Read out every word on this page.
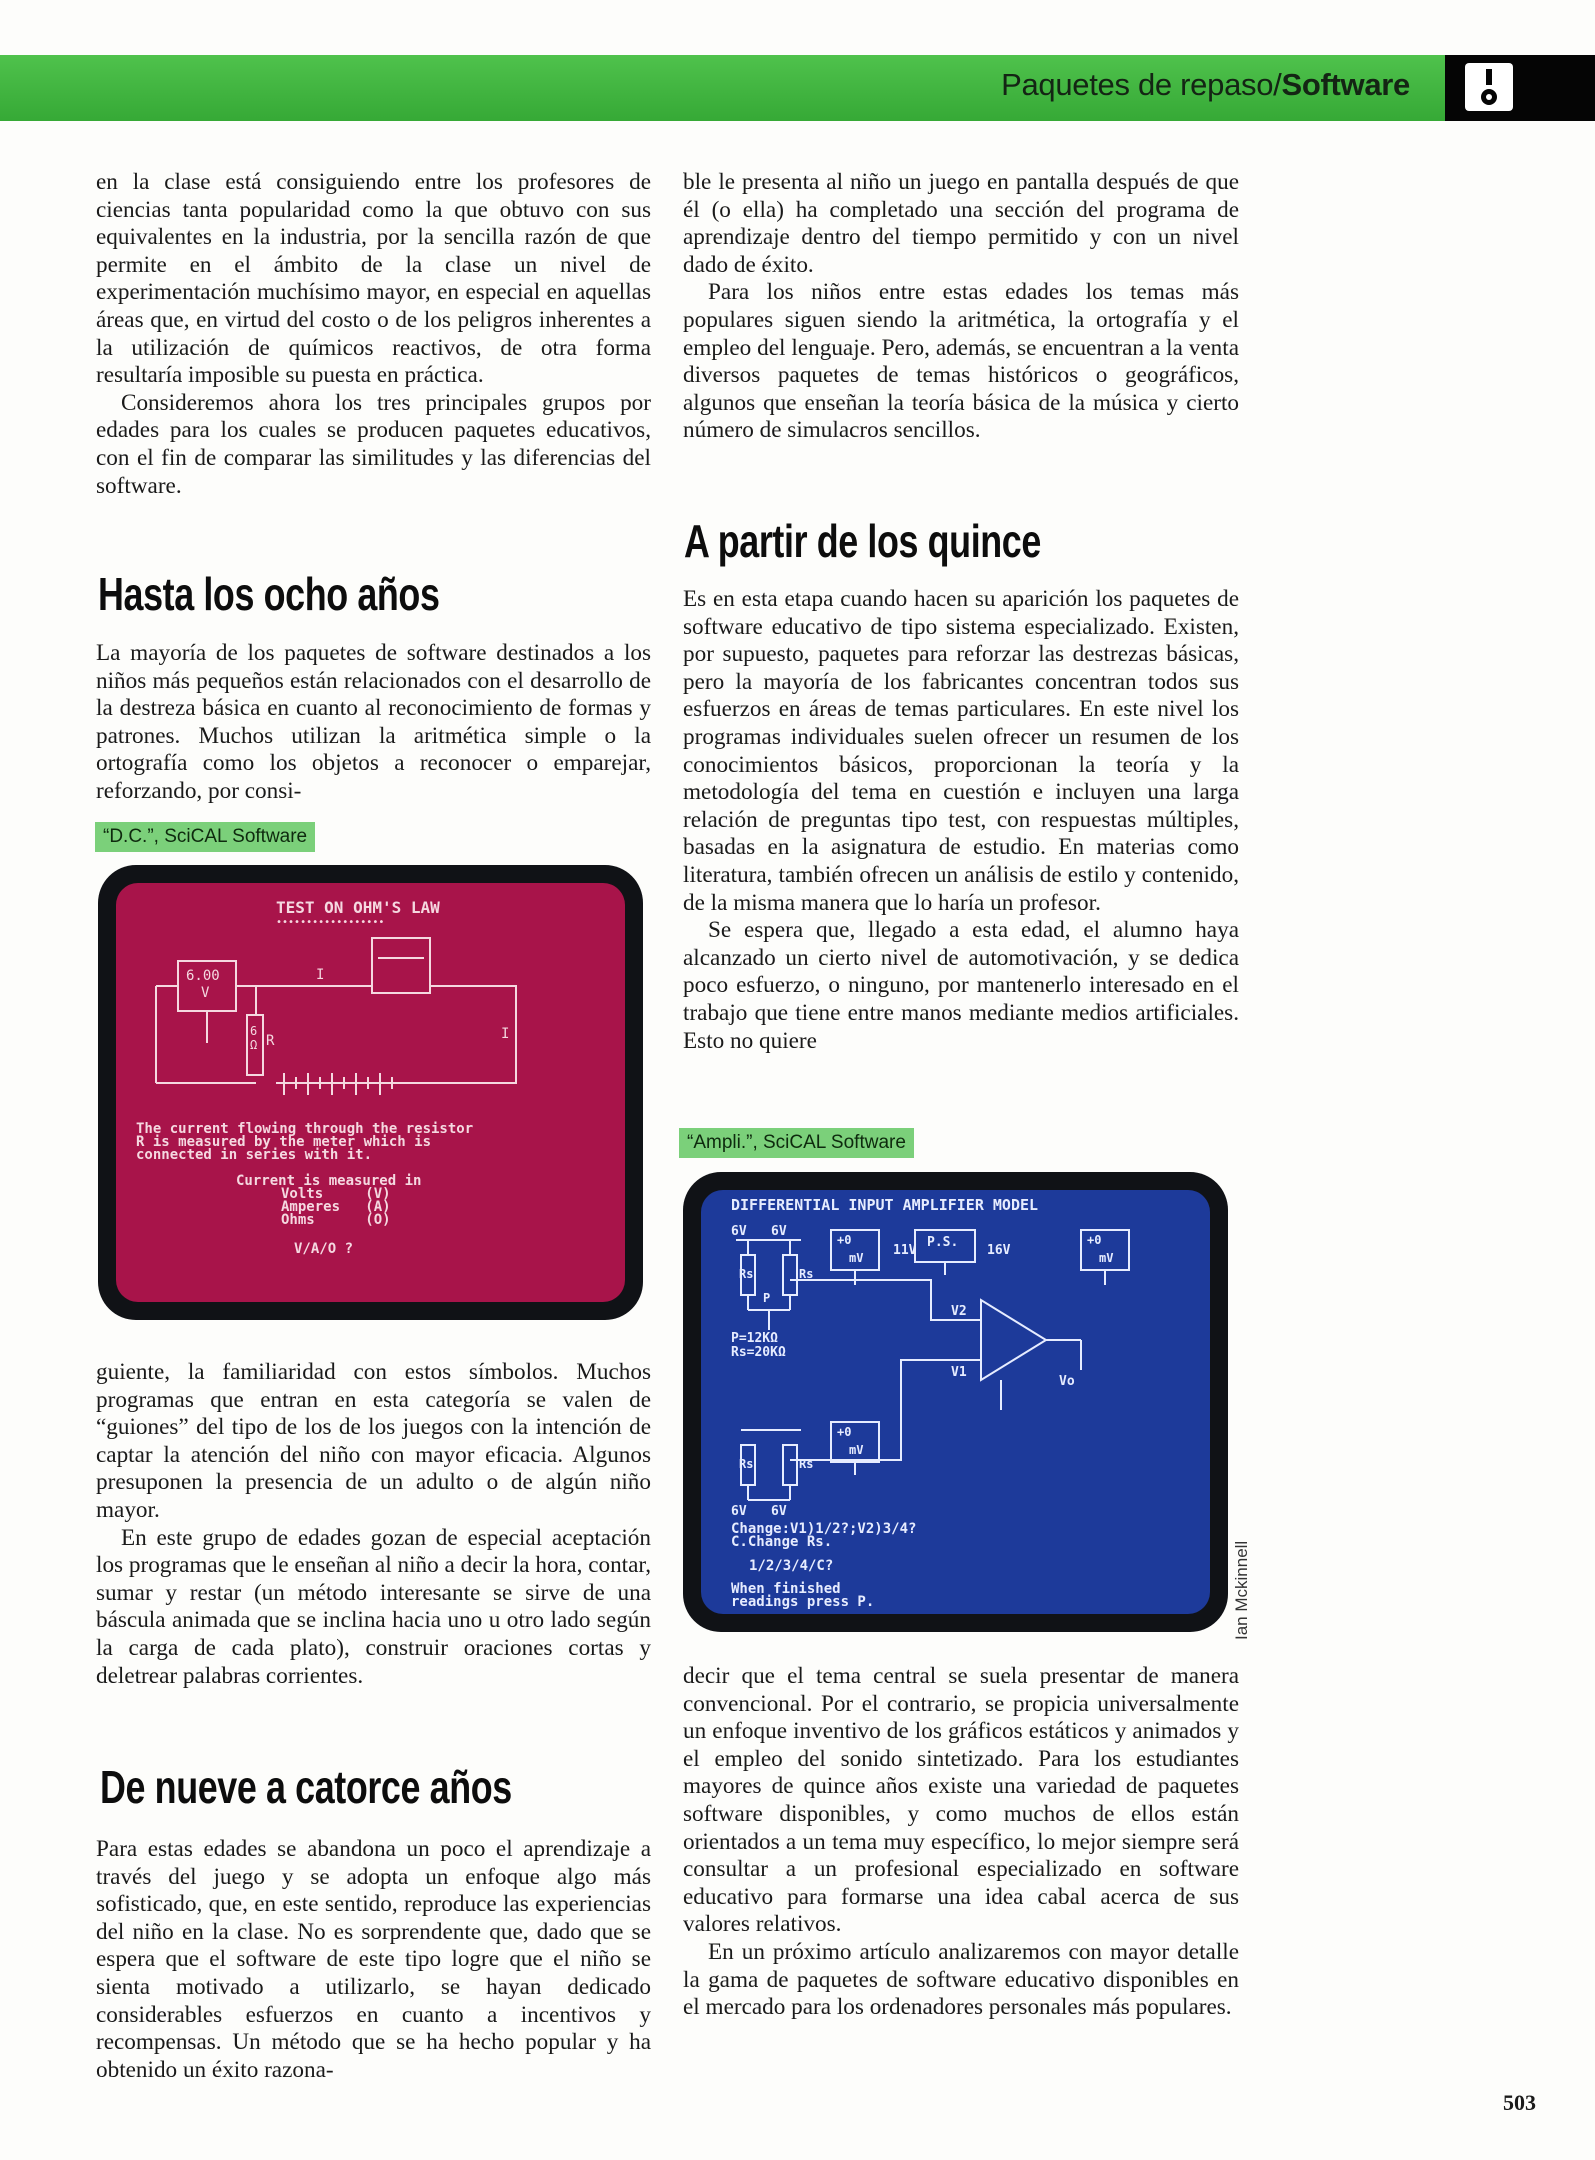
Paquetes de repaso/Software

en la clase está consiguiendo entre los profesores de ciencias tanta popularidad como la que obtuvo con sus equivalentes en la industria, por la sencilla razón de que permite en el ámbito de la clase un nivel de experimentación muchísimo mayor, en especial en aquellas áreas que, en virtud del costo o de los peligros inherentes a la utilización de químicos reactivos, de otra forma resultaría imposible su puesta en práctica.

Consideremos ahora los tres principales grupos por edades para los cuales se producen paquetes educativos, con el fin de comparar las similitudes y las diferencias del software.

Hasta los ocho años

La mayoría de los paquetes de software destinados a los niños más pequeños están relacionados con el desarrollo de la destreza básica en cuanto al reconocimiento de formas y patrones. Muchos utilizan la aritmética simple o la ortografía como los objetos a reconocer o emparejar, reforzando, por consi-

“D.C.”, SciCAL Software
TEST ON OHM'S LAW
••••••••••••••••••
6.00
V
I
I
R
6
Ω
The current flowing through the resistor
R is measured by the meter which is
connected in series with it.
Current is measured in
Volts     (V)
Amperes   (A)
Ohms      (O)
V/A/O ?

guiente, la familiaridad con estos símbolos. Muchos programas que entran en esta categoría se valen de “guiones” del tipo de los de los juegos con la intención de captar la atención del niño con mayor eficacia. Algunos presuponen la presencia de un adulto o de algún niño mayor.

En este grupo de edades gozan de especial aceptación los programas que le enseñan al niño a decir la hora, contar, sumar y restar (un método interesante se sirve de una báscula animada que se inclina hacia uno u otro lado según la carga de cada plato), construir oraciones cortas y deletrear palabras corrientes.

De nueve a catorce años

Para estas edades se abandona un poco el aprendizaje a través del juego y se adopta un enfoque algo más sofisticado, que, en este sentido, reproduce las experiencias del niño en la clase. No es sorprendente que, dado que se espera que el software de este tipo logre que el niño se sienta motivado a utilizarlo, se hayan dedicado considerables esfuerzos en cuanto a incentivos y recompensas. Un método que se ha hecho popular y ha obtenido un éxito razona-

ble le presenta al niño un juego en pantalla después de que él (o ella) ha completado una sección del programa de aprendizaje dentro del tiempo permitido y con un nivel dado de éxito.

Para los niños entre estas edades los temas más populares siguen siendo la aritmética, la ortografía y el empleo del lenguaje. Pero, además, se encuentran a la venta diversos paquetes de temas históricos o geográficos, algunos que enseñan la teoría básica de la música y cierto número de simulacros sencillos.

A partir de los quince

Es en esta etapa cuando hacen su aparición los paquetes de software educativo de tipo sistema especializado. Existen, por supuesto, paquetes para reforzar las destrezas básicas, pero la mayoría de los fabricantes concentran todos sus esfuerzos en áreas de temas particulares. En este nivel los programas individuales suelen ofrecer un resumen de los conocimientos básicos, proporcionan la teoría y la metodología del tema en cuestión e incluyen una larga relación de preguntas tipo test, con respuestas múltiples, basadas en la asignatura de estudio. En materias como literatura, también ofrecen un análisis de estilo y contenido, de la misma manera que lo haría un profesor.

Se espera que, llegado a esta edad, el alumno haya alcanzado un cierto nivel de automotivación, y se dedica poco esfuerzo, o ninguno, por mantenerlo interesado en el trabajo que tiene entre manos mediante medios artificiales. Esto no quiere

“Ampli.”, SciCAL Software
DIFFERENTIAL INPUT AMPLIFIER MODEL
6V 6V
Rs	Rs
P
+0
mV
P.S.	+0
mV
11V	16V
V2
V1
Vo
P=12KΩ
Rs=20KΩ
Rs	Rs
+0
mV
6V 6V
Change:V1)1/2?;V2)3/4?
C.Change Rs.
1/2/3/4/C?
When finished
readings press P.	Ian Mckinnell

decir que el tema central se suela presentar de manera convencional. Por el contrario, se propicia universalmente un enfoque inventivo de los gráficos estáticos y animados y el empleo del sonido sintetizado. Para los estudiantes mayores de quince años existe una variedad de paquetes software disponibles, y como muchos de ellos están orientados a un tema muy específico, lo mejor siempre será consultar a un profesional especializado en software educativo para formarse una idea cabal acerca de sus valores relativos.

En un próximo artículo analizaremos con mayor detalle la gama de paquetes de software educativo disponibles en el mercado para los ordenadores personales más populares.

503
